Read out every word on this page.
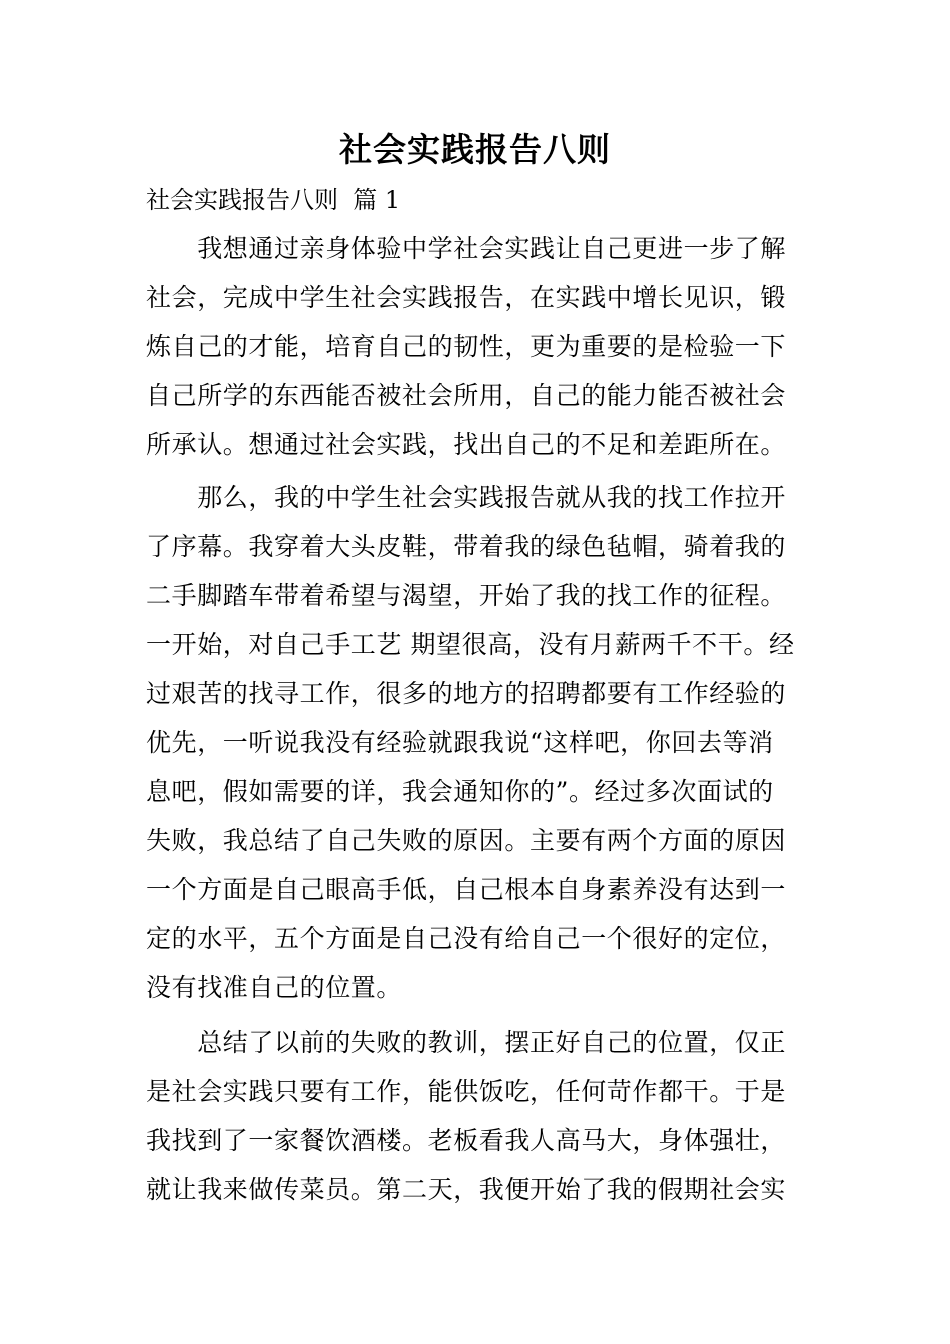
社会实践报告八则
社会实践报告八则  篇 1
　　我想通过亲身体验中学社会实践让自己更进一步了解
社会，完成中学生社会实践报告，在实践中增长见识，锻
炼自己的才能，培育自己的韧性，更为重要的是检验一下
自己所学的东西能否被社会所用，自己的能力能否被社会
所承认。想通过社会实践，找出自己的不足和差距所在。
　　那么，我的中学生社会实践报告就从我的找工作拉开
了序幕。我穿着大头皮鞋，带着我的绿色毡帽，骑着我的
二手脚踏车带着希望与渴望，开始了我的找工作的征程。
一开始，对自己手工艺 期望很高，没有月薪两千不干。经
过艰苦的找寻工作，很多的地方的招聘都要有工作经验的
优先，一听说我没有经验就跟我说“这样吧，你回去等消
息吧，假如需要的详，我会通知你的”。经过多次面试的
失败，我总结了自己失败的原因。主要有两个方面的原因
一个方面是自己眼高手低，自己根本自身素养没有达到一
定的水平，五个方面是自己没有给自己一个很好的定位，
没有找准自己的位置。
　　总结了以前的失败的教训，摆正好自己的位置，仅正
是社会实践只要有工作，能供饭吃，任何苛作都干。于是
我找到了一家餐饮酒楼。老板看我人高马大，身体强壮，
就让我来做传菜员。第二天，我便开始了我的假期社会实
